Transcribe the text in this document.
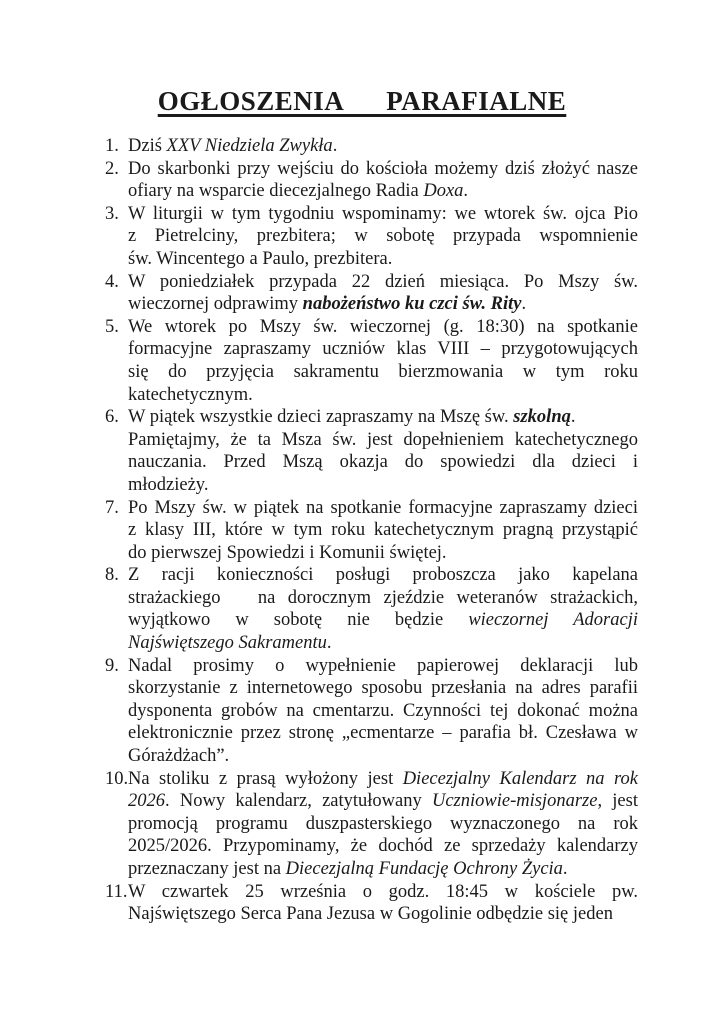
OGŁOSZENIA      PARAFIALNE
1. Dziś XXV Niedziela Zwykła.
2. Do skarbonki przy wejściu do kościoła możemy dziś złożyć nasze
ofiary na wsparcie diecezjalnego Radia Doxa.
3. W liturgii w tym tygodniu wspominamy: we wtorek św. ojca Pio
z Pietrelciny, prezbitera; w sobotę przypada wspomnienie
św. Wincentego a Paulo, prezbitera.
4. W poniedziałek przypada 22 dzień miesiąca. Po Mszy św.
wieczornej odprawimy nabożeństwo ku czci św. Rity.
5. We wtorek po Mszy św. wieczornej (g. 18:30) na spotkanie
formacyjne zapraszamy uczniów klas VIII – przygotowujących
się do przyjęcia sakramentu bierzmowania w tym roku
katechetycznym.
6. W piątek wszystkie dzieci zapraszamy na Mszę św. szkolną.
Pamiętajmy, że ta Msza św. jest dopełnieniem katechetycznego
nauczania. Przed Mszą okazja do spowiedzi dla dzieci i
młodzieży.
7. Po Mszy św. w piątek na spotkanie formacyjne zapraszamy dzieci
z klasy III, które w tym roku katechetycznym pragną przystąpić
do pierwszej Spowiedzi i Komunii świętej.
8. Z racji konieczności posługi proboszcza jako kapelana
strażackiego   na dorocznym zjeździe weteranów strażackich,
wyjątkowo w sobotę nie będzie wieczornej Adoracji
Najświętszego Sakramentu.
9. Nadal prosimy o wypełnienie papierowej deklaracji lub
skorzystanie z internetowego sposobu przesłania na adres parafii
dysponenta grobów na cmentarzu. Czynności tej dokonać można
elektronicznie przez stronę „ecmentarze – parafia bł. Czesława w
Górażdżach”.
10. Na stoliku z prasą wyłożony jest Diecezjalny Kalendarz na rok
2026. Nowy kalendarz, zatytułowany Uczniowie-misjonarze, jest
promocją programu duszpasterskiego wyznaczonego na rok
2025/2026. Przypominamy, że dochód ze sprzedaży kalendarzy
przeznaczany jest na Diecezjalną Fundację Ochrony Życia.
11. W czwartek 25 września o godz. 18:45 w kościele pw.
Najświętszego Serca Pana Jezusa w Gogolinie odbędzie się jeden
